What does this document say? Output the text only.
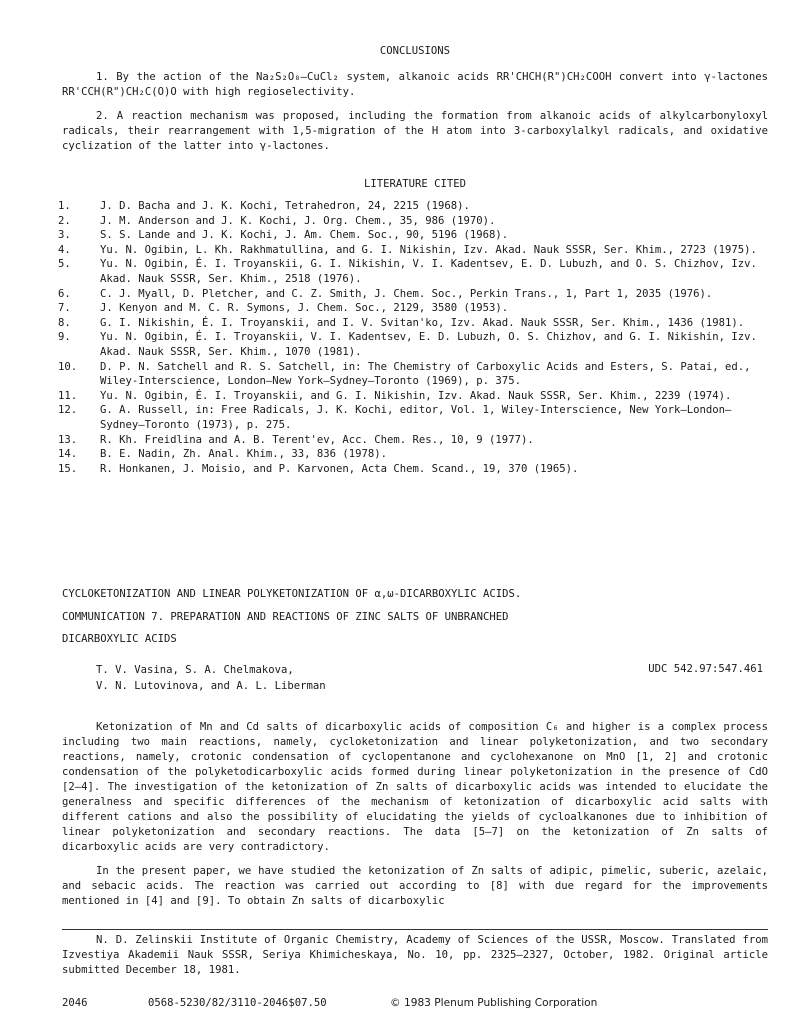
CONCLUSIONS

1. By the action of the Na₂S₂O₈–CuCl₂ system, alkanoic acids RR'CHCH(R")CH₂COOH convert into γ-lactones RR'CCH(R")CH₂C(O)O with high regioselectivity.

2. A reaction mechanism was proposed, including the formation from alkanoic acids of alkylcarbonyloxyl radicals, their rearrangement with 1,5-migration of the H atom into 3-carboxylalkyl radicals, and oxidative cyclization of the latter into γ-lactones.

LITERATURE CITED
1.	J. D. Bacha and J. K. Kochi, Tetrahedron, 24, 2215 (1968).
2.	J. M. Anderson and J. K. Kochi, J. Org. Chem., 35, 986 (1970).
3.	S. S. Lande and J. K. Kochi, J. Am. Chem. Soc., 90, 5196 (1968).
4.	Yu. N. Ogibin, L. Kh. Rakhmatullina, and G. I. Nikishin, Izv. Akad. Nauk SSSR, Ser. Khim., 2723 (1975).
5.	Yu. N. Ogibin, É. I. Troyanskii, G. I. Nikishin, V. I. Kadentsev, E. D. Lubuzh, and O. S. Chizhov, Izv. Akad. Nauk SSSR, Ser. Khim., 2518 (1976).
6.	C. J. Myall, D. Pletcher, and C. Z. Smith, J. Chem. Soc., Perkin Trans., 1, Part 1, 2035 (1976).
7.	J. Kenyon and M. C. R. Symons, J. Chem. Soc., 2129, 3580 (1953).
8.	G. I. Nikishin, É. I. Troyanskii, and I. V. Svitan'ko, Izv. Akad. Nauk SSSR, Ser. Khim., 1436 (1981).
9.	Yu. N. Ogibin, É. I. Troyanskii, V. I. Kadentsev, E. D. Lubuzh, O. S. Chizhov, and G. I. Nikishin, Izv. Akad. Nauk SSSR, Ser. Khim., 1070 (1981).
10.	D. P. N. Satchell and R. S. Satchell, in: The Chemistry of Carboxylic Acids and Esters, S. Patai, ed., Wiley-Interscience, London–New York–Sydney–Toronto (1969), p. 375.
11.	Yu. N. Ogibin, É. I. Troyanskii, and G. I. Nikishin, Izv. Akad. Nauk SSSR, Ser. Khim., 2239 (1974).
12.	G. A. Russell, in: Free Radicals, J. K. Kochi, editor, Vol. 1, Wiley-Interscience, New York–London–Sydney–Toronto (1973), p. 275.
13.	R. Kh. Freidlina and A. B. Terent'ev, Acc. Chem. Res., 10, 9 (1977).
14.	B. E. Nadin, Zh. Anal. Khim., 33, 836 (1978).
15.	R. Honkanen, J. Moisio, and P. Karvonen, Acta Chem. Scand., 19, 370 (1965).
CYCLOKETONIZATION AND LINEAR POLYKETONIZATION OF α,ω-DICARBOXYLIC ACIDS.
COMMUNICATION 7. PREPARATION AND REACTIONS OF ZINC SALTS OF UNBRANCHED
DICARBOXYLIC ACIDS
T. V. Vasina, S. A. Chelmakova,
V. N. Lutovinova, and A. L. Liberman
UDC 542.97:547.461

Ketonization of Mn and Cd salts of dicarboxylic acids of composition C₆ and higher is a complex process including two main reactions, namely, cycloketonization and linear polyketonization, and two secondary reactions, namely, crotonic condensation of cyclopentanone and cyclohexanone on MnO [1, 2] and crotonic condensation of the polyketodicarboxylic acids formed during linear polyketonization in the presence of CdO [2–4]. The investigation of the ketonization of Zn salts of dicarboxylic acids was intended to elucidate the generalness and specific differences of the mechanism of ketonization of dicarboxylic acid salts with different cations and also the possibility of elucidating the yields of cycloalkanones due to inhibition of linear polyketonization and secondary reactions. The data [5–7] on the ketonization of Zn salts of dicarboxylic acids are very contradictory.

In the present paper, we have studied the ketonization of Zn salts of adipic, pimelic, suberic, azelaic, and sebacic acids. The reaction was carried out according to [8] with due regard for the improvements mentioned in [4] and [9]. To obtain Zn salts of dicarboxylic

N. D. Zelinskii Institute of Organic Chemistry, Academy of Sciences of the USSR, Moscow. Translated from Izvestiya Akademii Nauk SSSR, Seriya Khimicheskaya, No. 10, pp. 2325–2327, October, 1982. Original article submitted December 18, 1981.

2046	0568-5230/82/3110-2046$07.50	© 1983 Plenum Publishing Corporation
